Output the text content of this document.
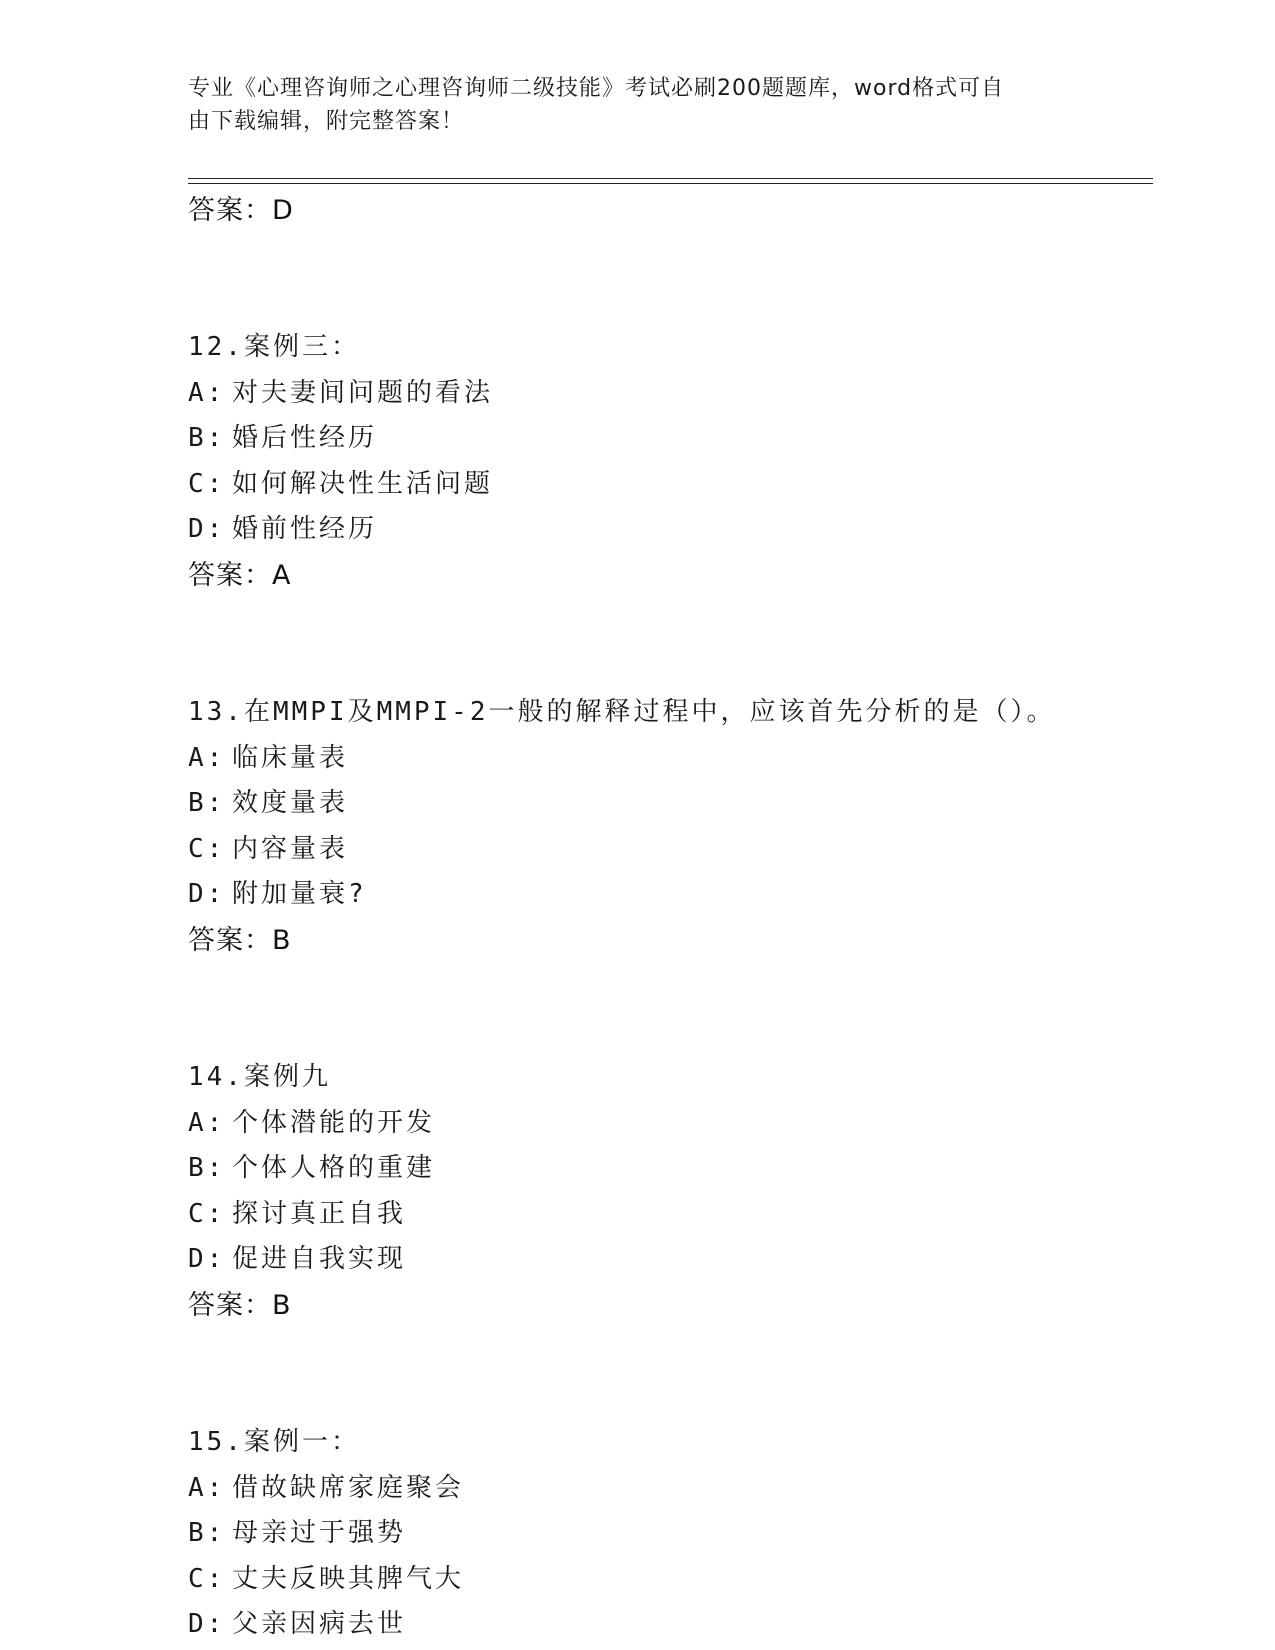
专业《心理咨询师之心理咨询师二级技能》考试必刷200题题库，word格式可自
由下载编辑，附完整答案！
答案：D
12.案例三：
A: 对夫妻间问题的看法
B: 婚后性经历
C: 如何解决性生活问题
D: 婚前性经历
答案：A
13.在MMPI及MMPI-2一般的解释过程中，应该首先分析的是（）。
A: 临床量表
B: 效度量表
C: 内容量表
D: 附加量衰?
答案：B
14.案例九
A: 个体潜能的开发
B: 个体人格的重建
C: 探讨真正自我
D: 促进自我实现
答案：B
15.案例一：
A: 借故缺席家庭聚会
B: 母亲过于强势
C: 丈夫反映其脾气大
D: 父亲因病去世
